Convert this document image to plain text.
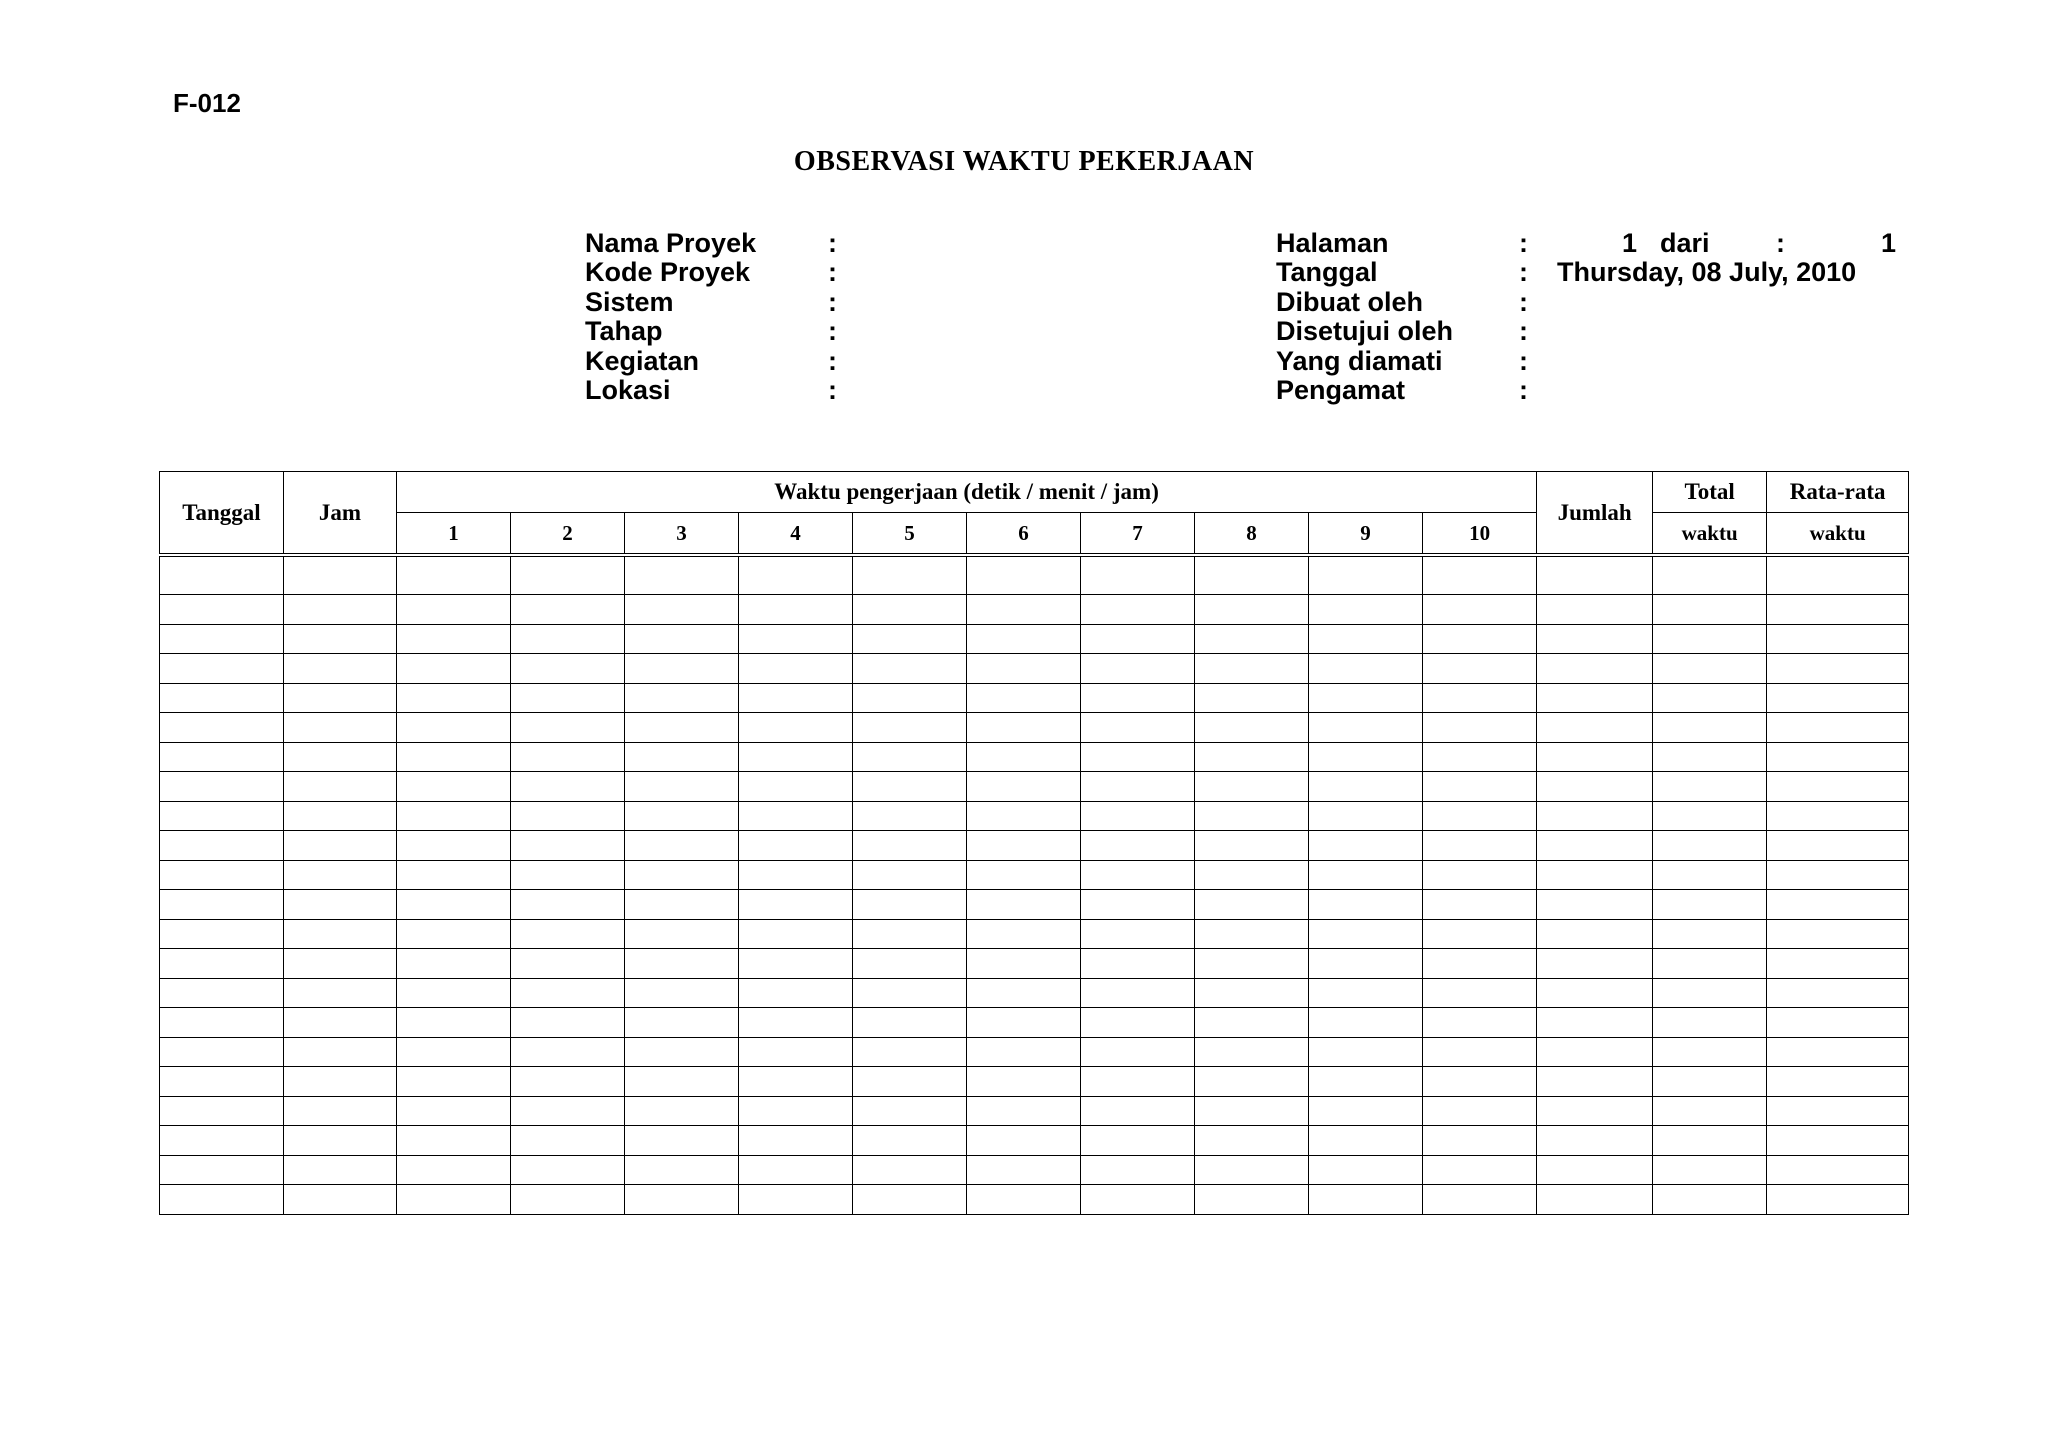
F-012
OBSERVASI WAKTU PEKERJAAN
Nama Proyek	:
Kode Proyek	:
Sistem	:
Tahap	:
Kegiatan	:
Lokasi	:
Halaman	:	1 dari :	1
Tanggal	: Thursday, 08 July, 2010
Dibuat oleh	:
Disetujui oleh :
Yang diamati	:
Pengamat	:
Tanggal	Jam	Waktu pengerjaan (detik / menit / jam)										Jumlah	Total	Rata-rata
		1	2	3	4	5	6	7	8	9	10		waktu	waktu
